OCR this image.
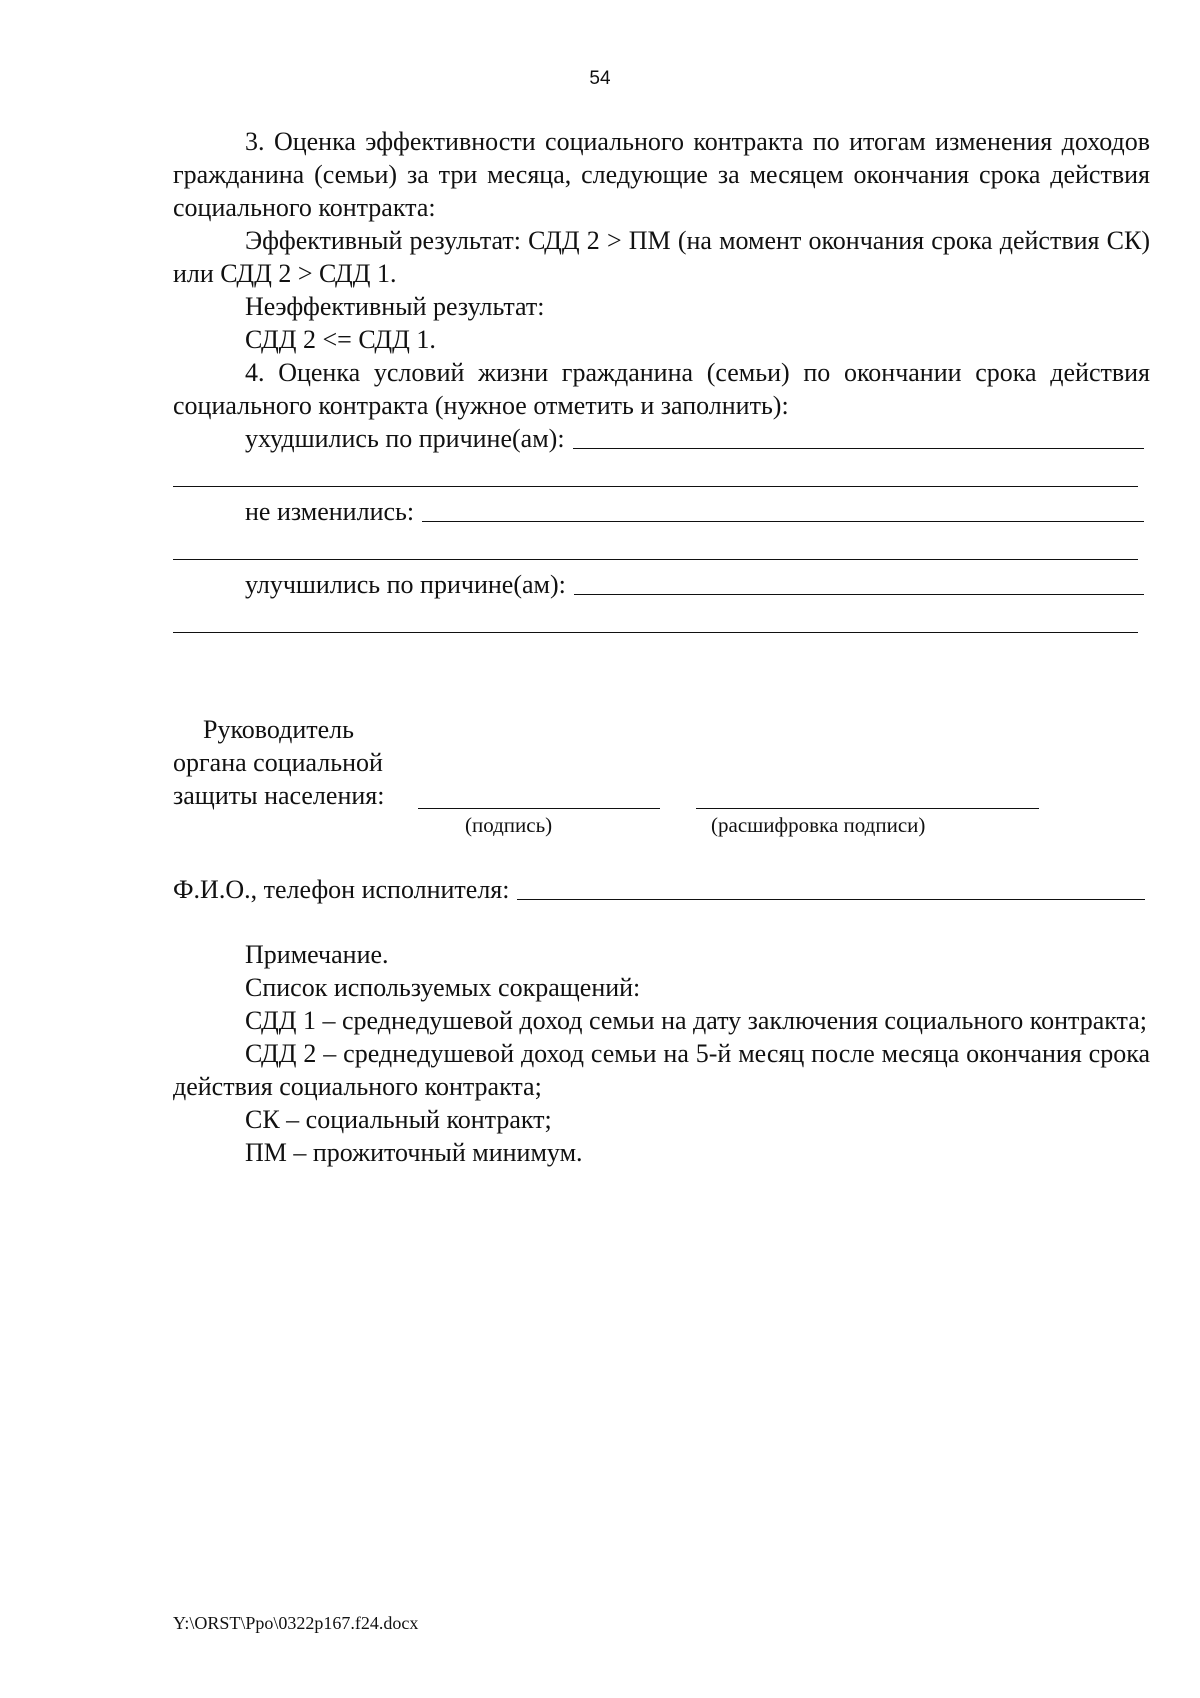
54

3. Оценка эффективности социального контракта по итогам изменения доходов гражданина (семьи) за три месяца, следующие за месяцем окончания срока действия социального контракта:

Эффективный результат: СДД 2 > ПМ (на момент окончания срока действия СК) или СДД 2 > СДД 1.

Неэффективный результат:

СДД 2 <= СДД 1.

4. Оценка условий жизни гражданина (семьи) по окончании срока действия социального контракта (нужное отметить и заполнить):

ухудшились по причине(ам):
не изменились:
улучшились по причине(ам):

Руководитель

органа социальной

защиты населения:

(подпись)	(расшифровка подписи)
Ф.И.О., телефон исполнителя:

Примечание.

Список используемых сокращений:

СДД 1 – среднедушевой доход семьи на дату заключения социального контракта;

СДД 2 – среднедушевой доход семьи на 5-й месяц после месяца окончания срока действия социального контракта;

СК – социальный контракт;

ПМ – прожиточный минимум.

Y:\ORST\Ppo\0322p167.f24.docx
